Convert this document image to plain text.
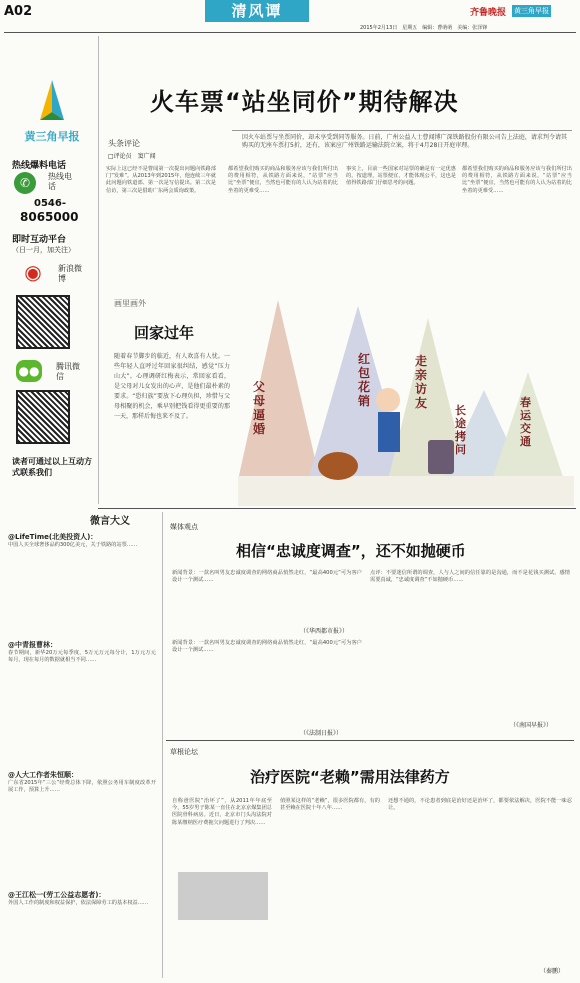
A02	清风谭	齐鲁晚报 黄三角早报
2015年2月13日　星期五　编辑：曹萌萌　美编：张泽锋
黄三角早报
热线爆料电话
✆	热线电话
0546-
8065000
即时互动平台
（日一月，加关注）
◉	新浪微博
●●	腾讯微信
读者可通过以上互动方式联系我们
火车票“站坐同价”期待解决
头条评论
□评论员　窦广闻
因火车站票与坐票同价，却未享受到同等服务。日前，广州公益人士曹闻博广深铁路股份有限公司告上法庭，请求判令请其购买的无座车票打5折，还有，该案应广州铁路运输法院立案，将于4月28日开庭审理。
实际上这已经不是曹闻第一次提出问题向铁路部门“发难”。从2013年到2015年，他连续三年就此问题向铁道部、第一次是写信提出。第二次是信访，第三次是借助广东两会质询政策。
都希望我们购买的商品和服务应该与我们所付出的费用相符，从铁路方面来说，“站票”应当比“坐票”便宜，当然也可能有的人认为站着的比坐着的更难受……
事实上，目前一些国家对站票的确是有一定优惠的，按道理，站票便宜，才能体现公平，这也是值得铁路部门仔细思考的问题。
都希望我们购买的商品和服务应该与我们所付出的费用相符，从铁路方面来说，“站票”应当比“坐票”便宜，当然也可能有的人认为站着的比坐着的更难受……
画里画外
回家过年
随着春节脚步的临近，有人欢喜有人忧。一些年轻人直呼过年回家很纠结，感觉“压力山大”。心理调研红梅表示，常回家看看，是父母对儿女发出的心声，是他们最朴素的要求。“恐归族”要放下心理负担，珍惜与父母相聚的机会，乘早别把钱看得更重要的那一天，那样后悔也来不及了。
父母逼婚
红包花销
走亲访友
长途拷问
春运交通
微言大义
@LifeTime(北美投资人)：
中国人买全球奢侈品约300亿美元，关于铁路的站票……
@中青报曹林：
春节期间，新华20万元每季度，5万元万元每分计，1万元万元每月，现在每月的数据就相当不同……
@人大工作者朱恒顺：
广东省2015年“三公”经费总体下降，依照公务用车制度改革开展工作，预算上升……
@王江松一(劳工公益志愿者)：
外国人工作的制度和权益保护，依法保障劳工的基本权益……
媒体观点
相信“忠诚度调查”，还不如抛硬币
新闻背景：一款名叫男友忠诚度调查的网络商品悄然走红，“最高400元”可为客户设计一个测试……
（《华西都市报》）
点评：不要迷信所谓的调查，人与人之间的信任靠的是沟通，而不是花钱买测试。感情需要真诚，“忠诚度调查”不如抛硬币……
（《南国早报》）
新闻背景：一款名叫男友忠诚度调查的网络商品悄然走红，“最高400元”可为客户设计一个测试……
（《法制日报》）
草根论坛
治疗医院“老赖”需用法律药方
自称爸医院“治坏了”，从2011年年底至今，55岁男子陈某一直住在北京京煤集团总医院骨科病房。近日，北京市门头沟法院对陈某缴纳医疗费拖欠问题进行了判决……
值照某这样的“老赖”，很多医院都有，有的甚至赖在医院十年八年……
还想不通的，不论患者到底是治好还是治坏了，都要依法解决，医院不能一味忍让。
（秦鹏）
